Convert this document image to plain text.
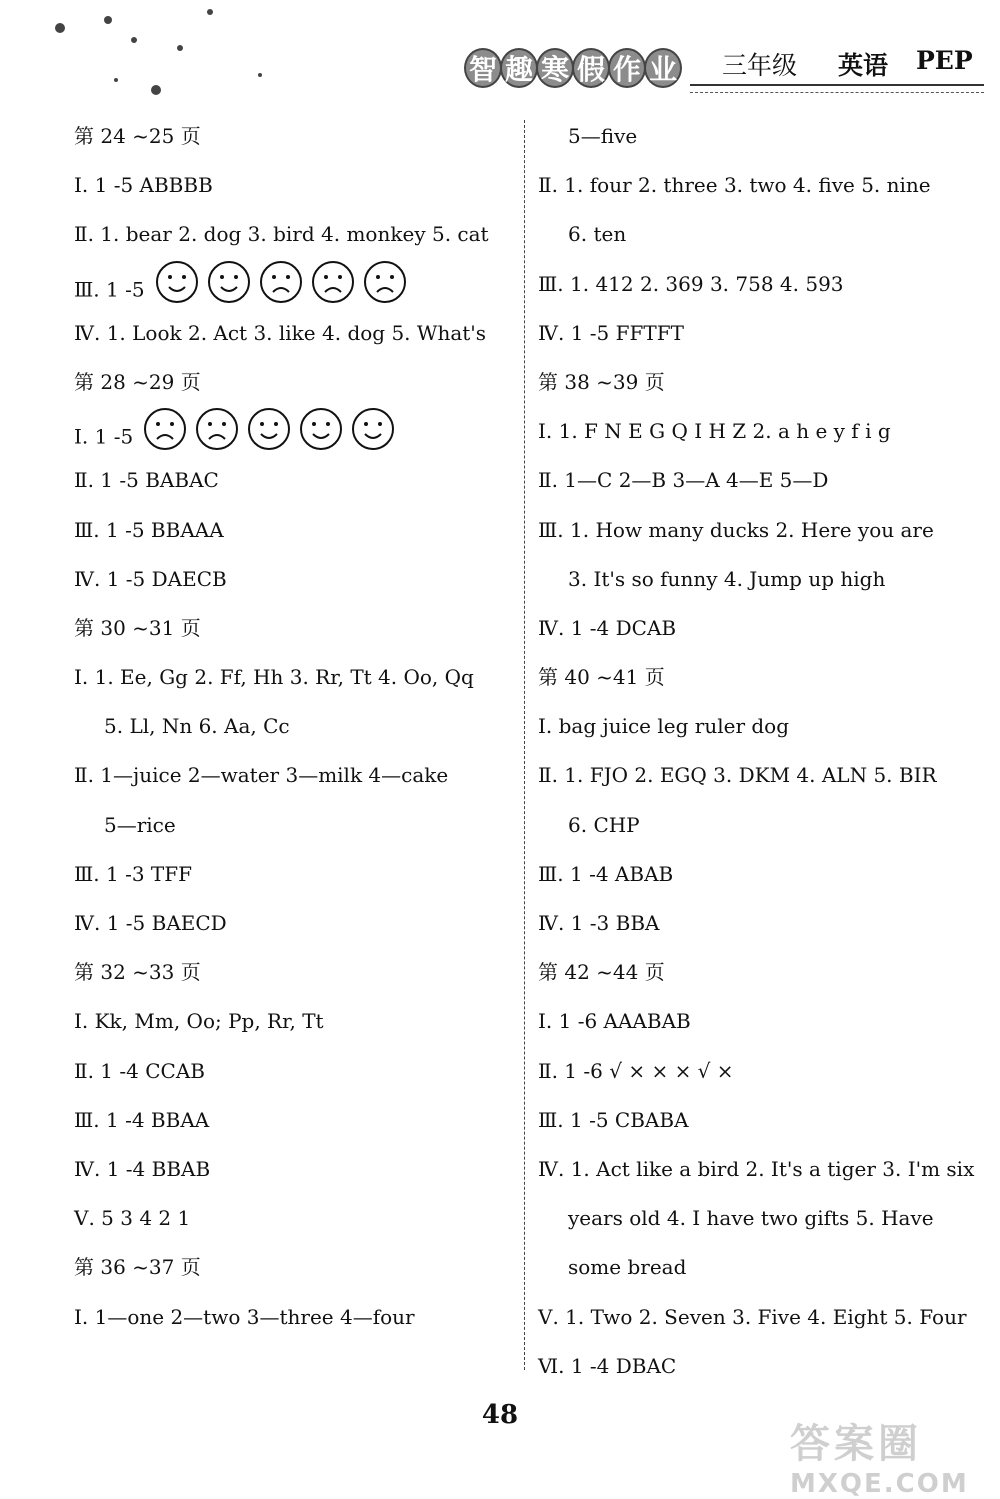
智 趣 寒 假 作 业 三年级 英语 PEP
第 24 ~25 页
Ⅰ. 1 -5 ABBBB
Ⅱ. 1. bear 2. dog 3. bird 4. monkey 5. cat
Ⅲ. 1 -5
Ⅳ. 1. Look 2. Act 3. like 4. dog 5. What's
第 28 ~29 页
Ⅰ. 1 -5
Ⅱ. 1 -5 BABAC
Ⅲ. 1 -5 BBAAA
Ⅳ. 1 -5 DAECB
第 30 ~31 页
Ⅰ. 1. Ee, Gg 2. Ff, Hh 3. Rr, Tt 4. Oo, Qq
5. Ll, Nn 6. Aa, Cc
Ⅱ. 1—juice 2—water 3—milk 4—cake
5—rice
Ⅲ. 1 -3 TFF
Ⅳ. 1 -5 BAECD
第 32 ~33 页
Ⅰ. Kk, Mm, Oo; Pp, Rr, Tt
Ⅱ. 1 -4 CCAB
Ⅲ. 1 -4 BBAA
Ⅳ. 1 -4 BBAB
Ⅴ. 5 3 4 2 1
第 36 ~37 页
Ⅰ. 1—one 2—two 3—three 4—four
5—five
Ⅱ. 1. four 2. three 3. two 4. five 5. nine
6. ten
Ⅲ. 1. 412 2. 369 3. 758 4. 593
Ⅳ. 1 -5 FFTFT
第 38 ~39 页
Ⅰ. 1. F N E G Q I H Z 2. a h e y f i g
Ⅱ. 1—C 2—B 3—A 4—E 5—D
Ⅲ. 1. How many ducks 2. Here you are
3. It's so funny 4. Jump up high
Ⅳ. 1 -4 DCAB
第 40 ~41 页
Ⅰ. bag juice leg ruler dog
Ⅱ. 1. FJO 2. EGQ 3. DKM 4. ALN 5. BIR
6. CHP
Ⅲ. 1 -4 ABAB
Ⅳ. 1 -3 BBA
第 42 ~44 页
Ⅰ. 1 -6 AAABAB
Ⅱ. 1 -6 √ × × × √ ×
Ⅲ. 1 -5 CBABA
Ⅳ. 1. Act like a bird 2. It's a tiger 3. I'm six
years old 4. I have two gifts 5. Have
some bread
Ⅴ. 1. Two 2. Seven 3. Five 4. Eight 5. Four
Ⅵ. 1 -4 DBAC
48
答案圈
MXQE.COM
